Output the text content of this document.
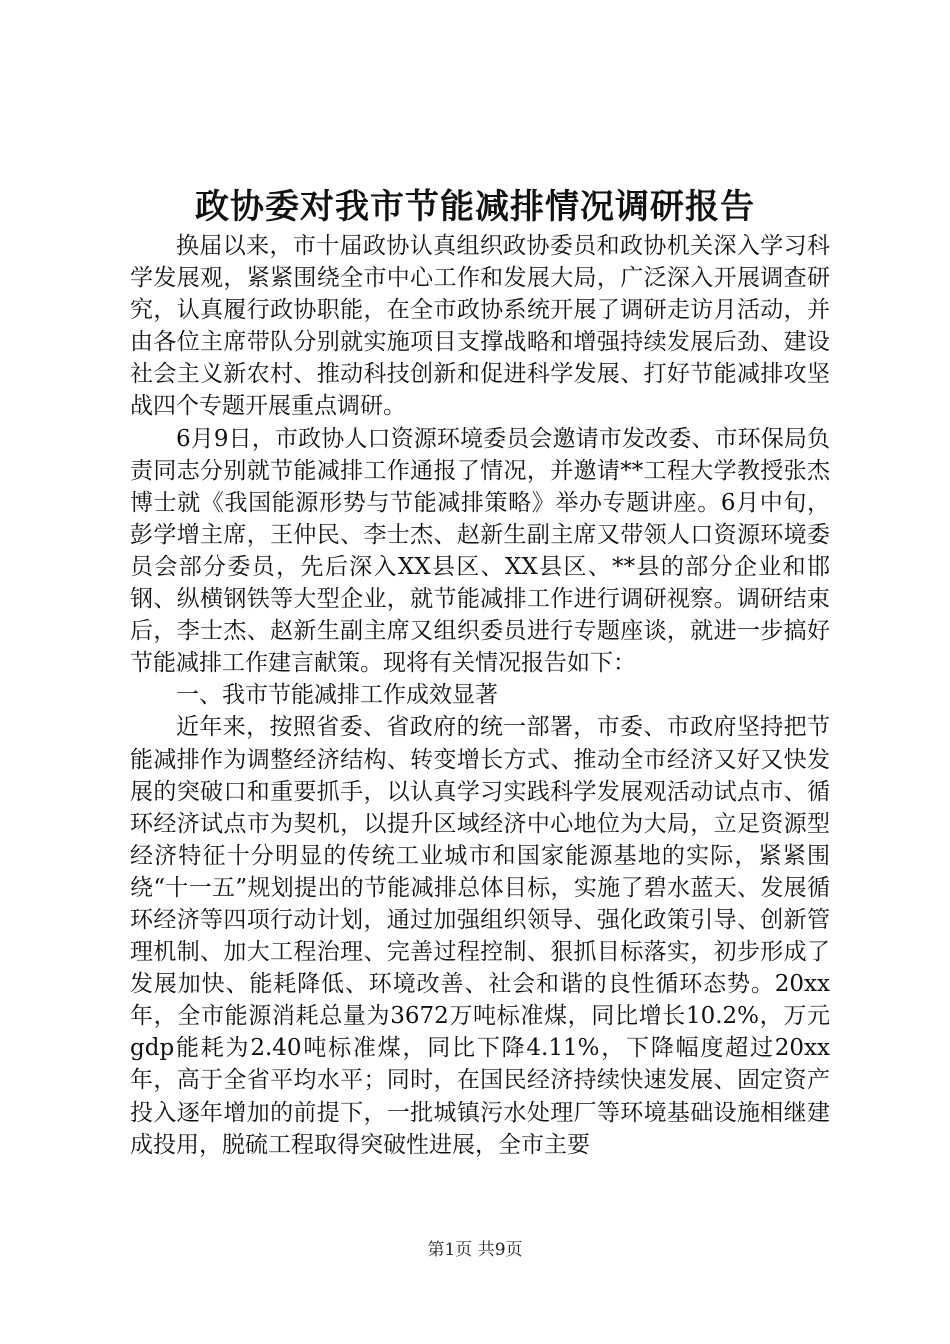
政协委对我市节能减排情况调研报告

换届以来，市十届政协认真组织政协委员和政协机关深入学习科学发展观，紧紧围绕全市中心工作和发展大局，广泛深入开展调查研究，认真履行政协职能，在全市政协系统开展了调研走访月活动，并由各位主席带队分别就实施项目支撑战略和增强持续发展后劲、建设社会主义新农村、推动科技创新和促进科学发展、打好节能减排攻坚战四个专题开展重点调研。

6月9日，市政协人口资源环境委员会邀请市发改委、市环保局负责同志分别就节能减排工作通报了情况，并邀请**工程大学教授张杰博士就《我国能源形势与节能减排策略》举办专题讲座。6月中旬，彭学增主席，王仲民、李士杰、赵新生副主席又带领人口资源环境委员会部分委员，先后深入XX县区、XX县区、**县的部分企业和邯钢、纵横钢铁等大型企业，就节能减排工作进行调研视察。调研结束后，李士杰、赵新生副主席又组织委员进行专题座谈，就进一步搞好节能减排工作建言献策。现将有关情况报告如下：

一、我市节能减排工作成效显著

近年来，按照省委、省政府的统一部署，市委、市政府坚持把节能减排作为调整经济结构、转变增长方式、推动全市经济又好又快发展的突破口和重要抓手，以认真学习实践科学发展观活动试点市、循环经济试点市为契机，以提升区域经济中心地位为大局，立足资源型经济特征十分明显的传统工业城市和国家能源基地的实际，紧紧围绕“十一五”规划提出的节能减排总体目标，实施了碧水蓝天、发展循环经济等四项行动计划，通过加强组织领导、强化政策引导、创新管理机制、加大工程治理、完善过程控制、狠抓目标落实，初步形成了发展加快、能耗降低、环境改善、社会和谐的良性循环态势。20xx年，全市能源消耗总量为3672万吨标准煤，同比增长10.2%，万元gdp能耗为2.40吨标准煤，同比下降4.11%，下降幅度超过20xx年，高于全省平均水平；同时，在国民经济持续快速发展、固定资产投入逐年增加的前提下，一批城镇污水处理厂等环境基础设施相继建成投用，脱硫工程取得突破性进展，全市主要

第1页 共9页
